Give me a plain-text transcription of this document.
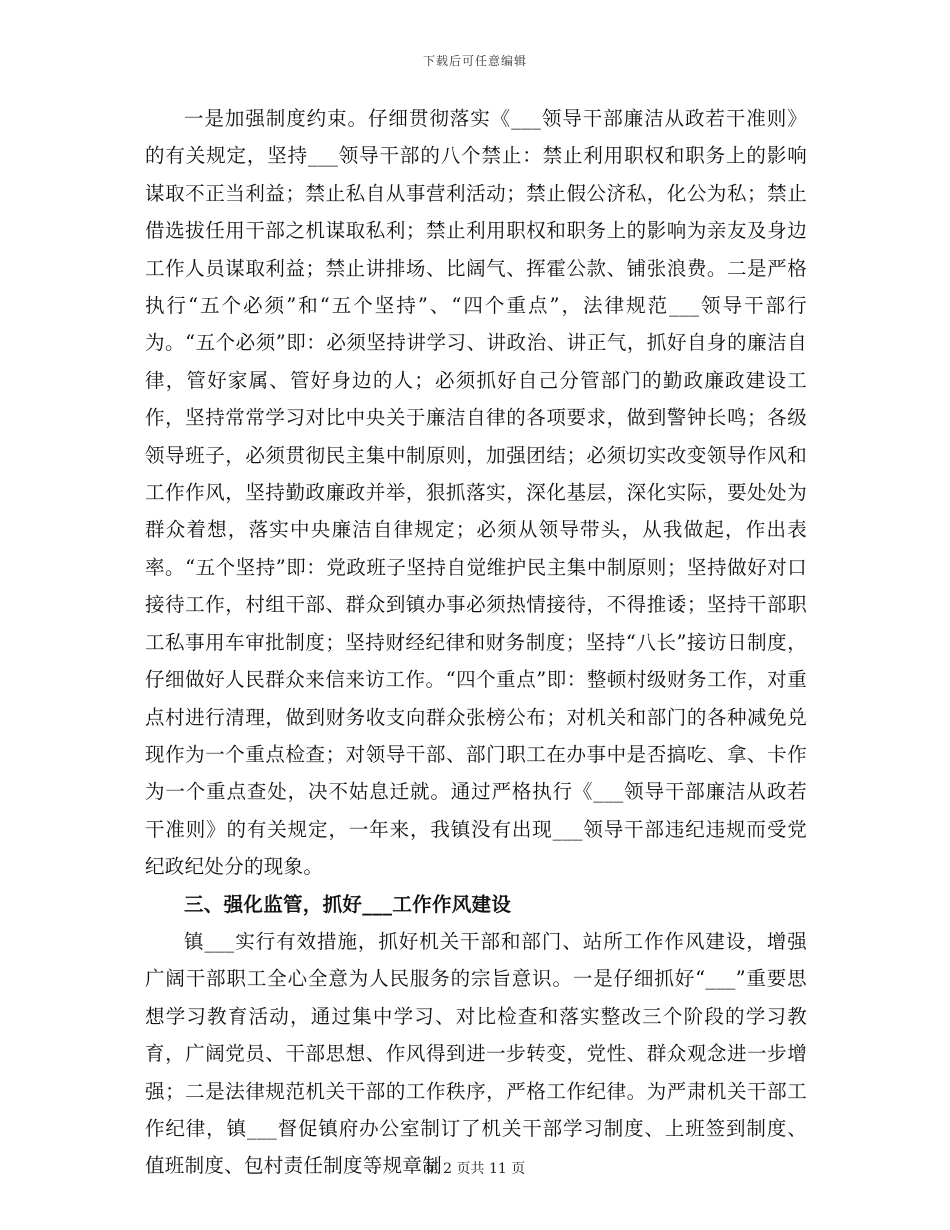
下载后可任意编辑

一是加强制度约束。仔细贯彻落实《___领导干部廉洁从政若干准则》的有关规定，坚持___领导干部的八个禁止：禁止利用职权和职务上的影响谋取不正当利益；禁止私自从事营利活动；禁止假公济私，化公为私；禁止借选拔任用干部之机谋取私利；禁止利用职权和职务上的影响为亲友及身边工作人员谋取利益；禁止讲排场、比阔气、挥霍公款、铺张浪费。二是严格执行“五个必须”和“五个坚持”、“四个重点”，法律规范___领导干部行为。“五个必须”即：必须坚持讲学习、讲政治、讲正气，抓好自身的廉洁自律，管好家属、管好身边的人；必须抓好自己分管部门的勤政廉政建设工作，坚持常常学习对比中央关于廉洁自律的各项要求，做到警钟长鸣；各级领导班子，必须贯彻民主集中制原则，加强团结；必须切实改变领导作风和工作作风，坚持勤政廉政并举，狠抓落实，深化基层，深化实际，要处处为群众着想，落实中央廉洁自律规定；必须从领导带头，从我做起，作出表率。“五个坚持”即：党政班子坚持自觉维护民主集中制原则；坚持做好对口接待工作，村组干部、群众到镇办事必须热情接待，不得推诿；坚持干部职工私事用车审批制度；坚持财经纪律和财务制度；坚持“八长”接访日制度，仔细做好人民群众来信来访工作。“四个重点”即：整顿村级财务工作，对重点村进行清理，做到财务收支向群众张榜公布；对机关和部门的各种减免兑现作为一个重点检查；对领导干部、部门职工在办事中是否搞吃、拿、卡作为一个重点查处，决不姑息迁就。通过严格执行《___领导干部廉洁从政若干准则》的有关规定，一年来，我镇没有出现___领导干部违纪违规而受党纪政纪处分的现象。

三、强化监管，抓好___工作作风建设

镇___实行有效措施，抓好机关干部和部门、站所工作作风建设，增强广阔干部职工全心全意为人民服务的宗旨意识。一是仔细抓好“___”重要思想学习教育活动，通过集中学习、对比检查和落实整改三个阶段的学习教育，广阔党员、干部思想、作风得到进一步转变，党性、群众观念进一步增强；二是法律规范机关干部的工作秩序，严格工作纪律。为严肃机关干部工作纪律，镇___督促镇府办公室制订了机关干部学习制度、上班签到制度、值班制度、包村责任制度等规章制

第 2 页共 11 页
